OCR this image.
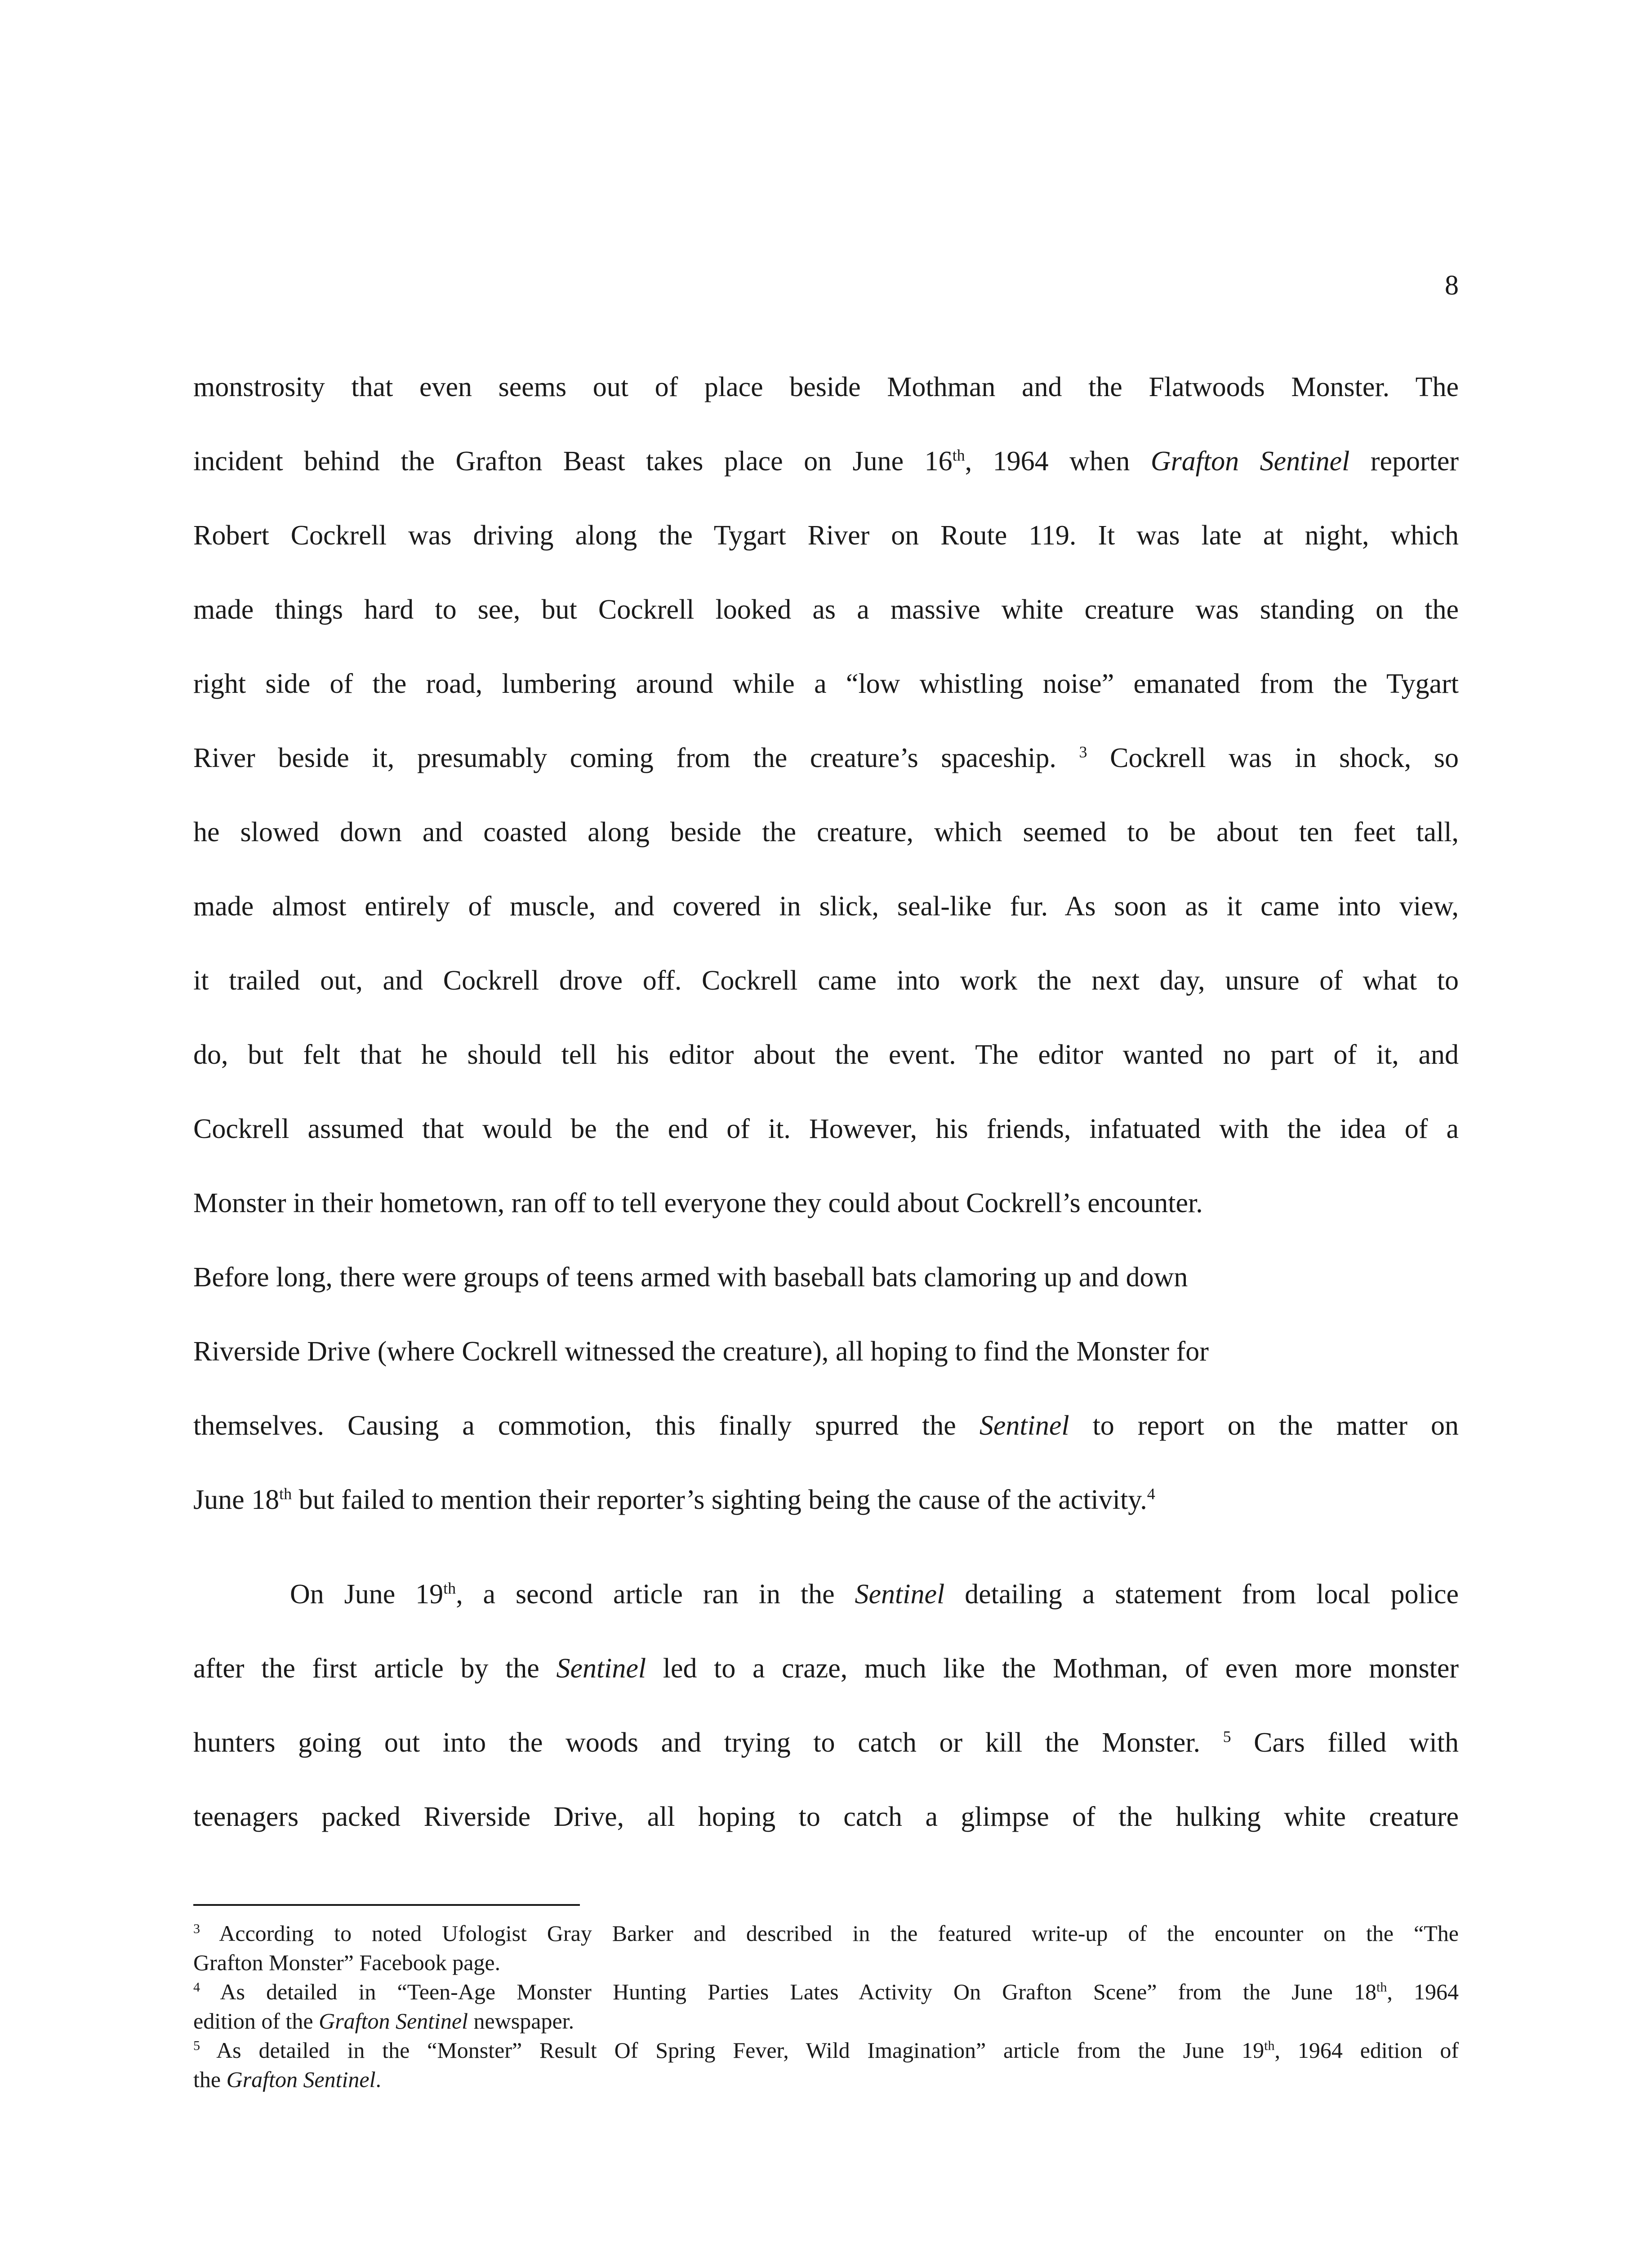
8
monstrosity that even seems out of place beside Mothman and the Flatwoods Monster. The
incident behind the Grafton Beast takes place on June 16th, 1964 when Grafton Sentinel reporter
Robert Cockrell was driving along the Tygart River on Route 119. It was late at night, which
made things hard to see, but Cockrell looked as a massive white creature was standing on the
right side of the road, lumbering around while a “low whistling noise” emanated from the Tygart
River beside it, presumably coming from the creature’s spaceship. $^3$ Cockrell was in shock, so
he slowed down and coasted along beside the creature, which seemed to be about ten feet tall,
made almost entirely of muscle, and covered in slick, seal-like fur. As soon as it came into view,
it trailed out, and Cockrell drove off. Cockrell came into work the next day, unsure of what to
do, but felt that he should tell his editor about the event. The editor wanted no part of it, and
Cockrell assumed that would be the end of it. However, his friends, infatuated with the idea of a
Monster in their hometown, ran off to tell everyone they could about Cockrell’s encounter.
Before long, there were groups of teens armed with baseball bats clamoring up and down
Riverside Drive (where Cockrell witnessed the creature), all hoping to find the Monster for
themselves. Causing a commotion, this finally spurred the Sentinel to report on the matter on
June 18th but failed to mention their reporter’s sighting being the cause of the activity.$^4$
On June 19th, a second article ran in the Sentinel detailing a statement from local police
after the first article by the Sentinel led to a craze, much like the Mothman, of even more monster
hunters going out into the woods and trying to catch or kill the Monster. $^5$ Cars filled with
teenagers packed Riverside Drive, all hoping to catch a glimpse of the hulking white creature
$^3$ According to noted Ufologist Gray Barker and described in the featured write-up of the encounter on the “The
Grafton Monster” Facebook page.
$^4$ As detailed in “Teen-Age Monster Hunting Parties Lates Activity On Grafton Scene” from the June 18th, 1964
edition of the Grafton Sentinel newspaper.
$^5$ As detailed in the “Monster” Result Of Spring Fever, Wild Imagination” article from the June 19th, 1964 edition of
the Grafton Sentinel.
